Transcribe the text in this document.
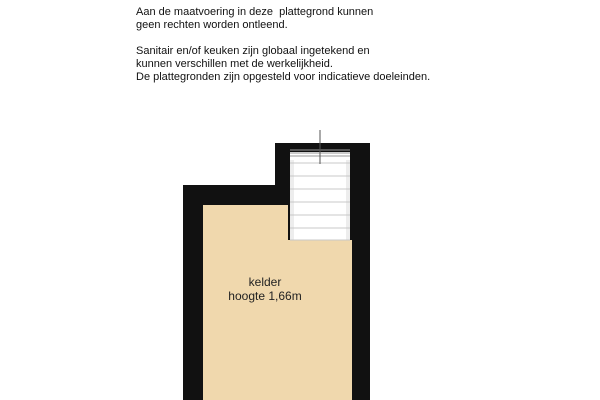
Aan de maatvoering in deze  plattegrond kunnen

geen rechten worden ontleend.

Sanitair en/of keuken zijn globaal ingetekend en

kunnen verschillen met de werkelijkheid.

De plattegronden zijn opgesteld voor indicatieve doeleinden.

kelder
hoogte 1,66m
